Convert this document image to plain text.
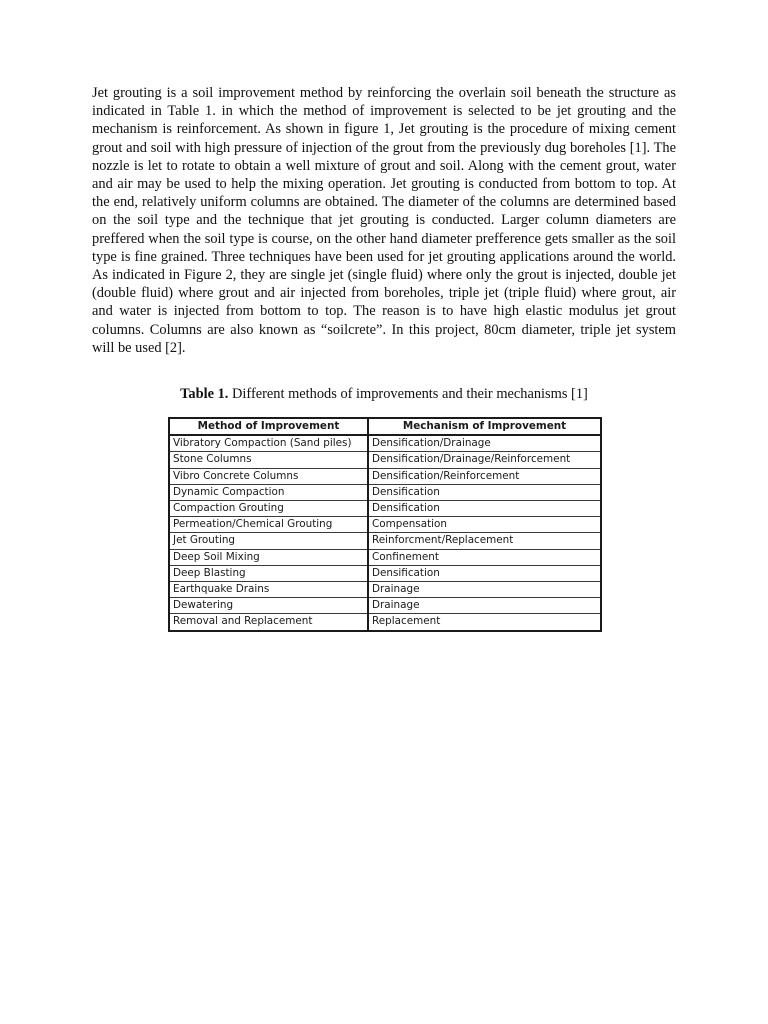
Jet grouting is a soil improvement method by reinforcing the overlain soil beneath the structure as indicated in Table 1. in which the method of improvement is selected to be jet grouting and the mechanism is reinforcement. As shown in figure 1, Jet grouting is the procedure of mixing cement grout and soil with high pressure of injection of the grout from the previously dug boreholes [1]. The nozzle is let to rotate to obtain a well mixture of grout and soil. Along with the cement grout, water and air may be used to help the mixing operation. Jet grouting is conducted from bottom to top. At the end, relatively uniform columns are obtained. The diameter of the columns are determined based on the soil type and the technique that jet grouting is conducted. Larger column diameters are preffered when the soil type is course, on the other hand diameter prefference gets smaller as the soil type is fine grained. Three techniques have been used for jet grouting applications around the world. As indicated in Figure 2, they are single jet (single fluid) where only the grout is injected, double jet (double fluid) where grout and air injected from boreholes, triple jet (triple fluid) where grout, air and water is injected from bottom to top. The reason is to have high elastic modulus jet grout columns. Columns are also known as “soilcrete”. In this project, 80cm diameter, triple jet system will be used [2].

Table 1. Different methods of improvements and their mechanisms [1]

Method of Improvement	Mechanism of Improvement
Vibratory Compaction (Sand piles)	Densification/Drainage
Stone Columns	Densification/Drainage/Reinforcement
Vibro Concrete Columns	Densification/Reinforcement
Dynamic Compaction	Densification
Compaction Grouting	Densification
Permeation/Chemical Grouting	Compensation
Jet Grouting	Reinforcment/Replacement
Deep Soil Mixing	Confinement
Deep Blasting	Densification
Earthquake Drains	Drainage
Dewatering	Drainage
Removal and Replacement	Replacement
